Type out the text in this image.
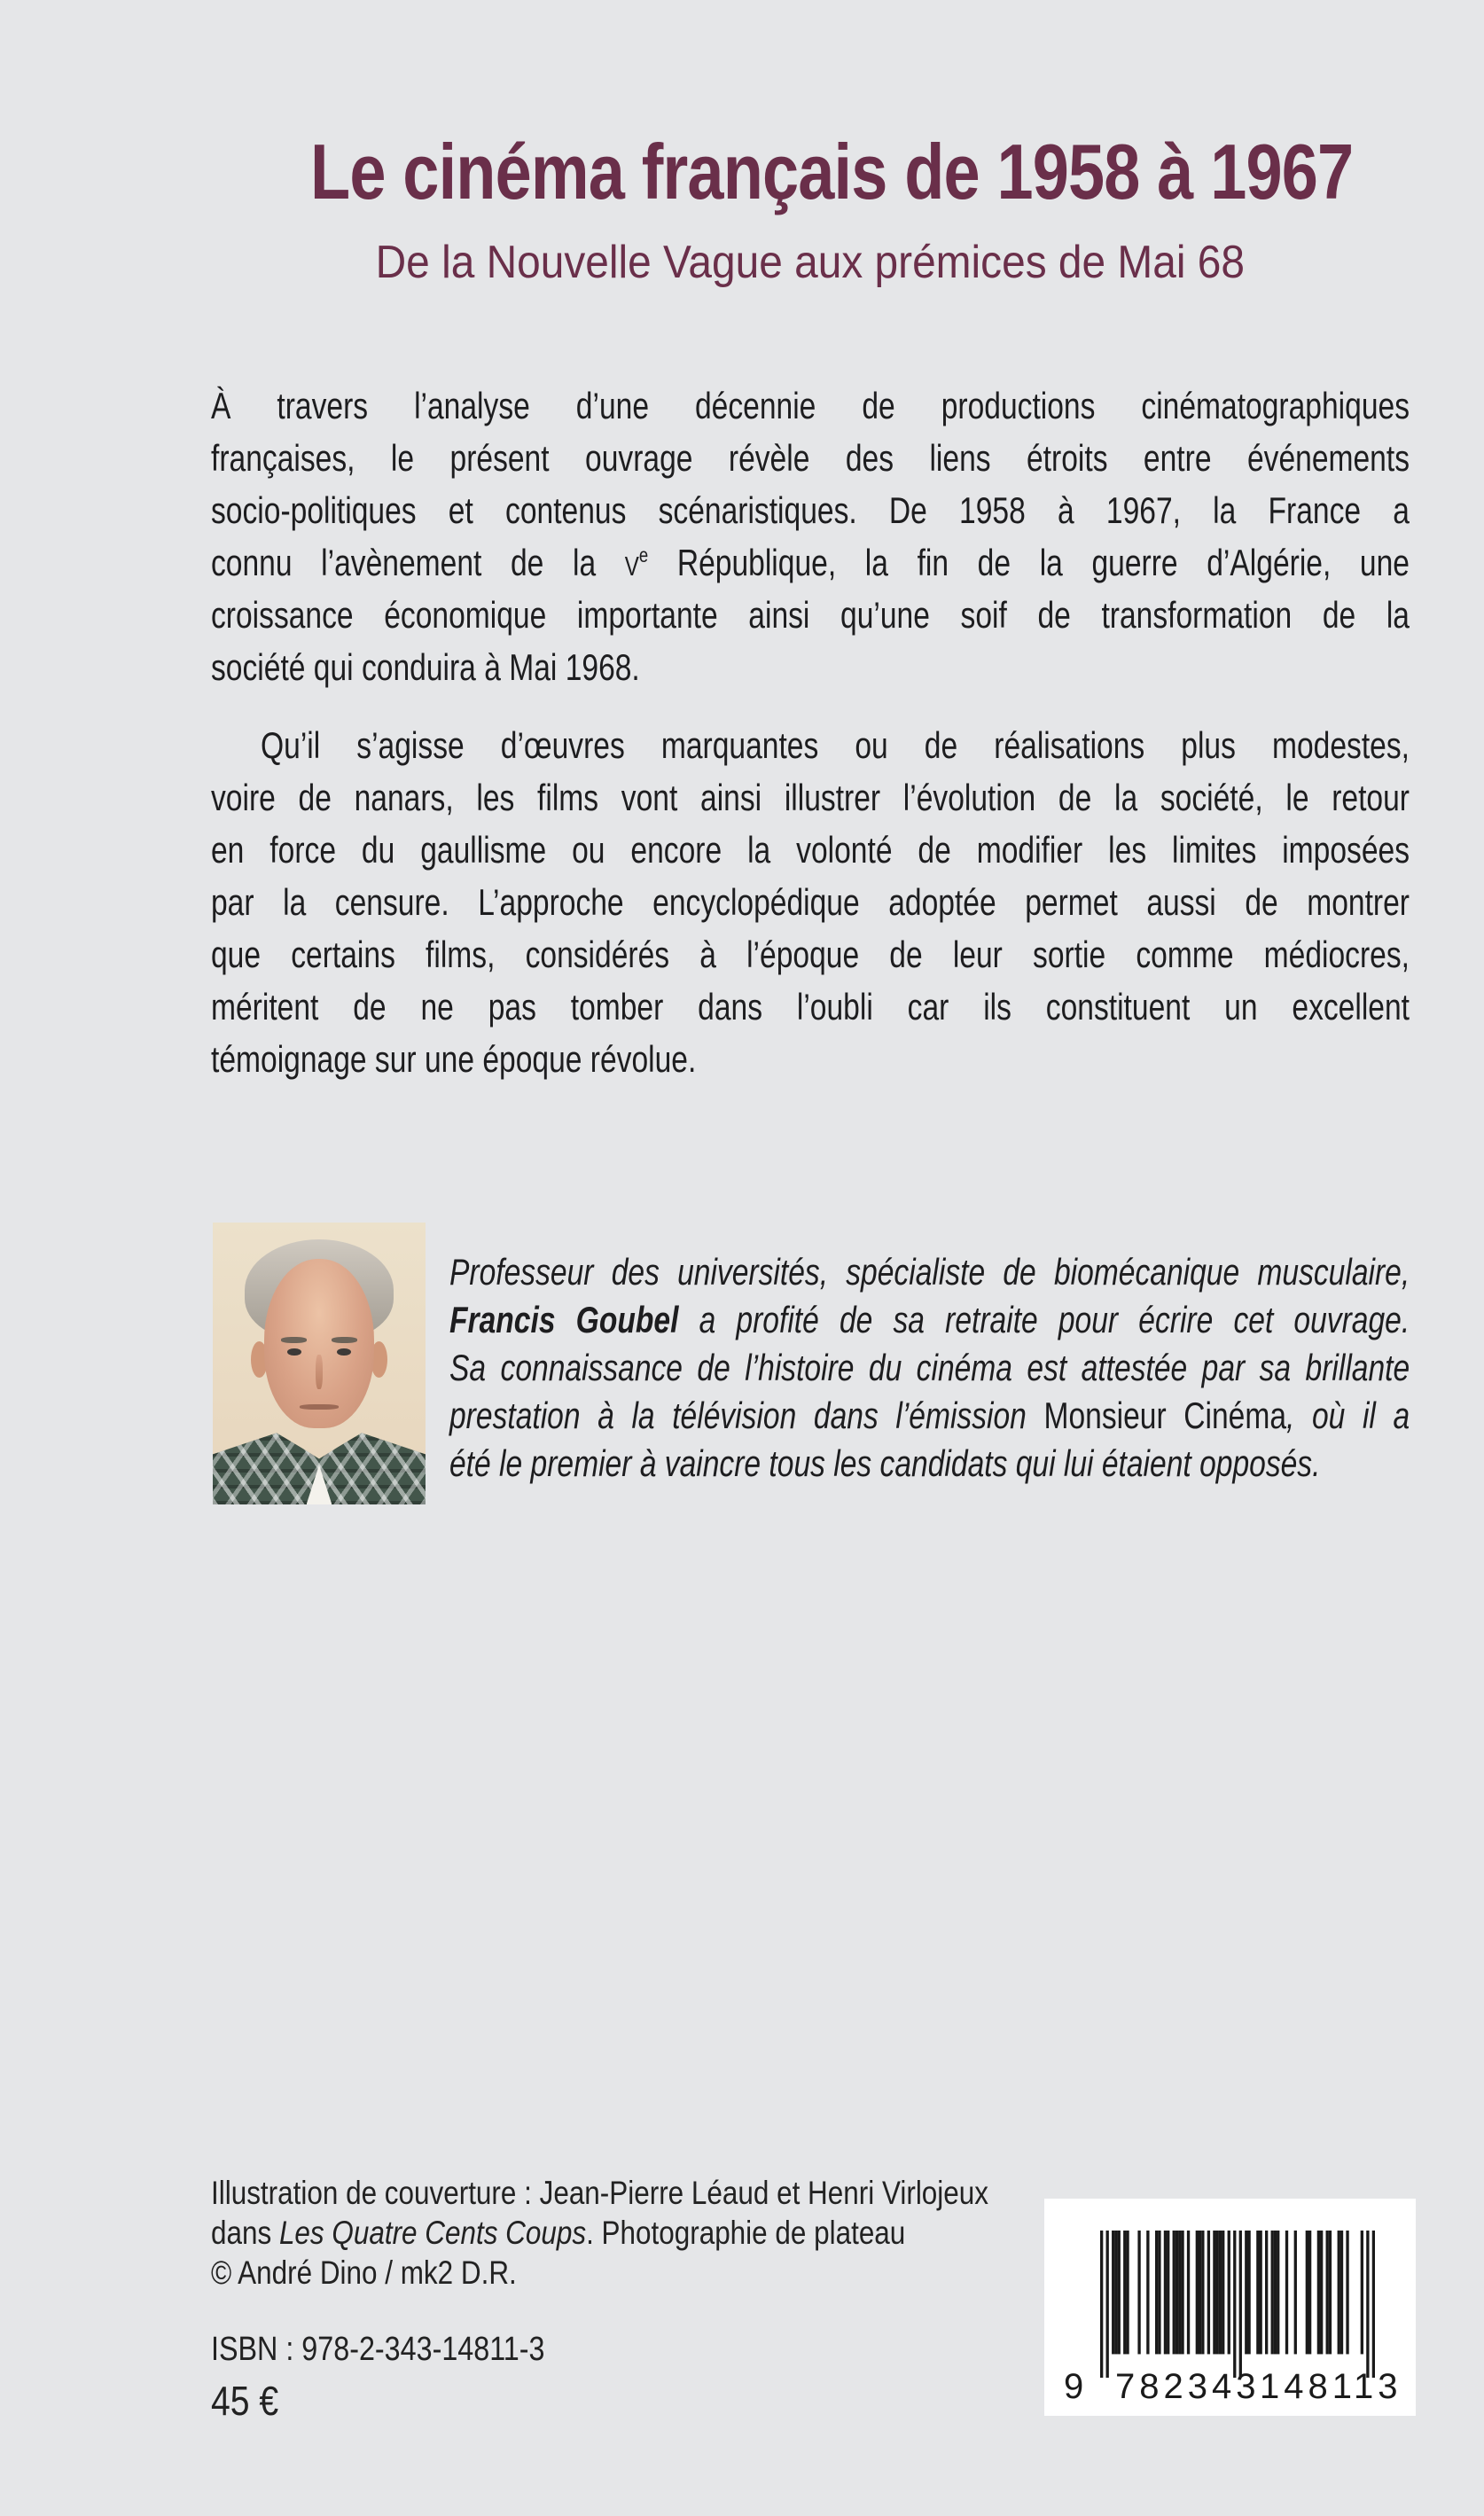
Le cinéma français de 1958 à 1967
De la Nouvelle Vague aux prémices de Mai 68
À travers l’analyse d’une décennie de productions cinématographiques
françaises, le présent ouvrage révèle des liens étroits entre événements
socio-politiques et contenus scénaristiques. De 1958 à 1967, la France a
connu l’avènement de la Ve République, la fin de la guerre d’Algérie, une
croissance économique importante ainsi qu’une soif de transformation de la
société qui conduira à Mai 1968.
Qu’il s’agisse d’œuvres marquantes ou de réalisations plus modestes,
voire de nanars, les films vont ainsi illustrer l’évolution de la société, le retour
en force du gaullisme ou encore la volonté de modifier les limites imposées
par la censure. L’approche encyclopédique adoptée permet aussi de montrer
que certains films, considérés à l’époque de leur sortie comme médiocres,
méritent de ne pas tomber dans l’oubli car ils constituent un excellent
témoignage sur une époque révolue.
Professeur des universités, spécialiste de biomécanique musculaire,
Francis Goubel a profité de sa retraite pour écrire cet ouvrage.
Sa connaissance de l’histoire du cinéma est attestée par sa brillante
prestation à la télévision dans l’émission Monsieur Cinéma, où il a
été le premier à vaincre tous les candidats qui lui étaient opposés.
Illustration de couverture : Jean-Pierre Léaud et Henri Virlojeux
dans Les Quatre Cents Coups. Photographie de plateau
© André Dino / mk2 D.R.
ISBN : 978-2-343-14811-3
45 €	9 782343 148113
